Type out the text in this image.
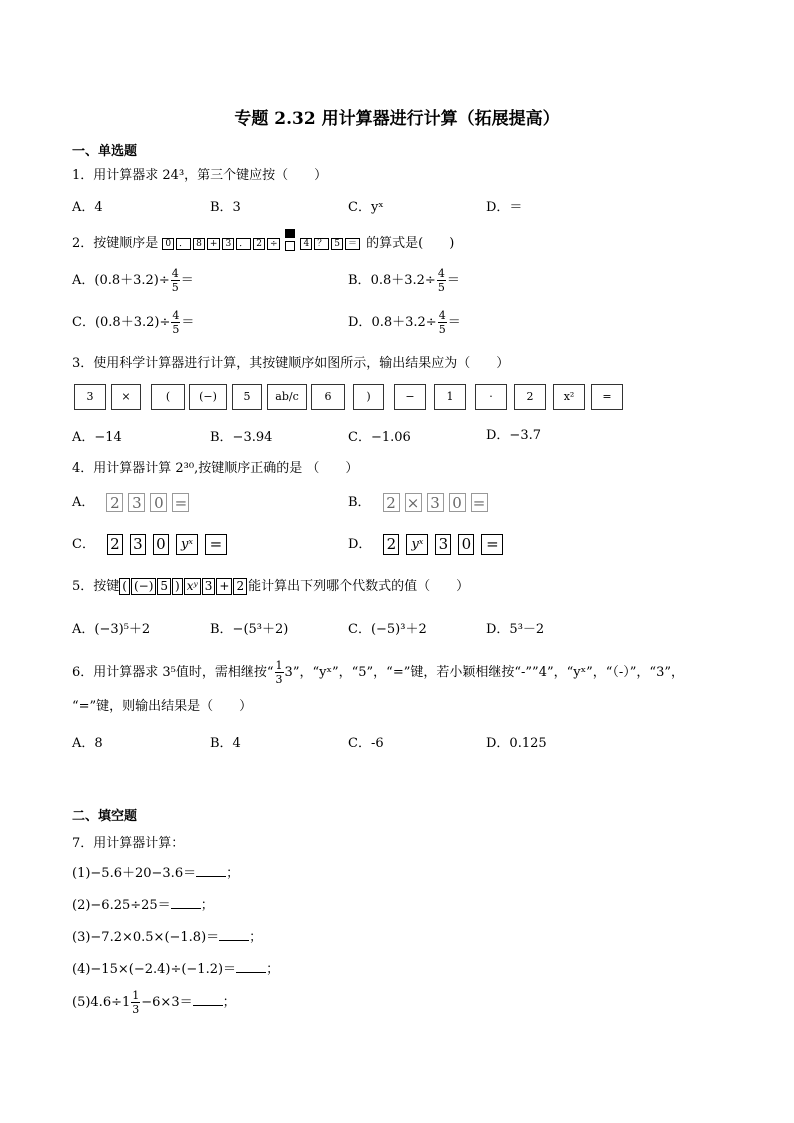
专题 2.32 用计算器进行计算（拓展提高）
一、单选题
1．用计算器求 24³，第三个键应按（　　）
A．4	B．3	C．yˣ	D．＝
2．按键顺序是 0 ． 8 + 3 ． 2 ÷	4 ？ 5 ＝ 的算式是(　　)
A．$(0.8+3.2)\div \frac{4}{5}$ ＝	B．$0.8+3.2\div \frac{4}{5}$ ＝
C．$(0.8+3.2)\div \frac{4}{5}$ ＝	D．$0.8+3.2\div \frac{4}{5}$ ＝
3．使用科学计算器进行计算，其按键顺序如图所示，输出结果应为（　　）
3	×	(	(−)	5	ab/c	6	)	−	1	·	2	x²	=
A．−14	B．−3.94	C．−1.06	D．−3.7
4．用计算器计算 2³⁰,按键顺序正确的是 （　　）
A． 2 3 0 =	B． 2 × 3 0 =
C． 2 3 0 yˣ =	D． 2 yˣ 3 0 =
5．按键 ( (−) 5 ) xʸ 3 + 2 能计算出下列哪个代数式的值（　　）
A．(−3)⁵＋2	B．−(5³＋2)	C．(−5)³＋2	D．5³－2
6．用计算器求 3⁵值时，需相继按“ $\frac{1}{3} 3$”，“yˣ”，“5”，“=”键，若小颖相继按“-””4”，“yˣ”，“（-）”，“3”，
“=”键，则输出结果是（　　）
A．8	B．4	C．-6	D．0.125
二、填空题
7．用计算器计算：
(1)−5.6＋20−3.6＝ ；
(2)−6.25÷25＝ ；
(3)−7.2×0.5×(−1.8)＝ ；
(4)−15×(−2.4)÷(−1.2)＝ ；
$(5)4.6\div 1 \frac{1}{3} -6\times 3=$ ；
